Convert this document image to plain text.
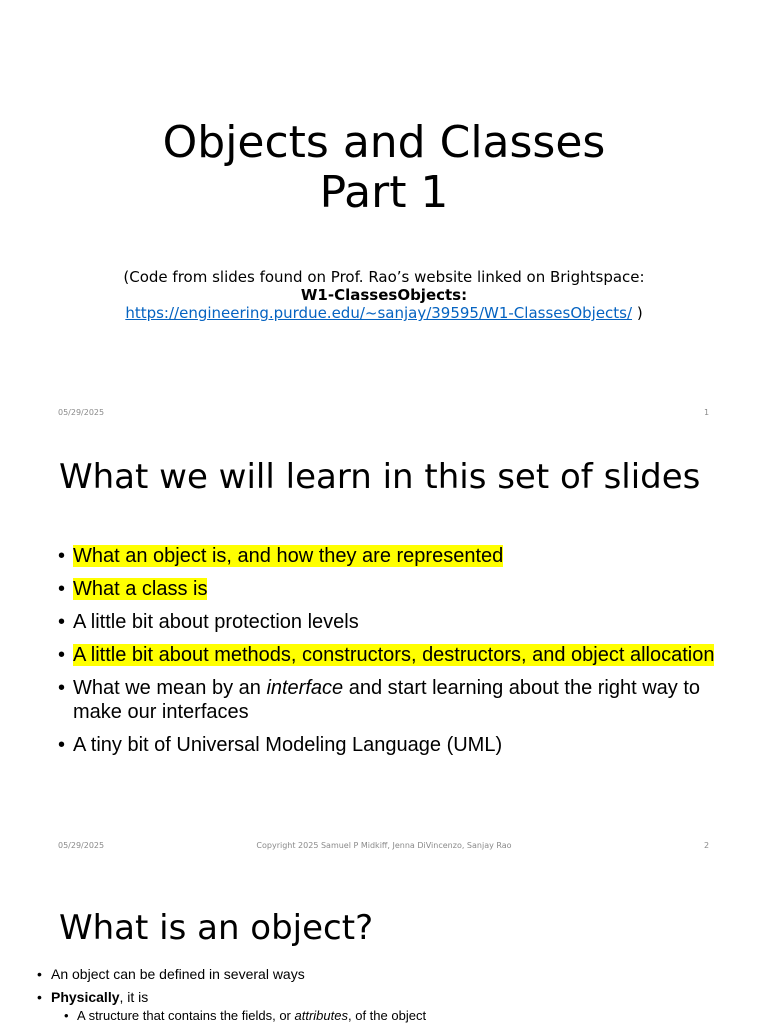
Objects and Classes
Part 1
(Code from slides found on Prof. Rao’s website linked on Brightspace:
W1-ClassesObjects:
https://engineering.purdue.edu/~sanjay/39595/W1-ClassesObjects/ )
05/29/2025	1
What we will learn in this set of slides
• What an object is, and how they are represented
• What a class is
• A little bit about protection levels
• A little bit about methods, constructors, destructors, and object allocation
• What we mean by an interface and start learning about the right way to make our interfaces
• A tiny bit of Universal Modeling Language (UML)
05/29/2025	Copyright 2025 Samuel P Midkiff, Jenna DiVincenzo, Sanjay Rao	2
What is an object?
• An object can be defined in several ways
• Physically, it is
• A structure that contains the fields, or attributes, of the object
